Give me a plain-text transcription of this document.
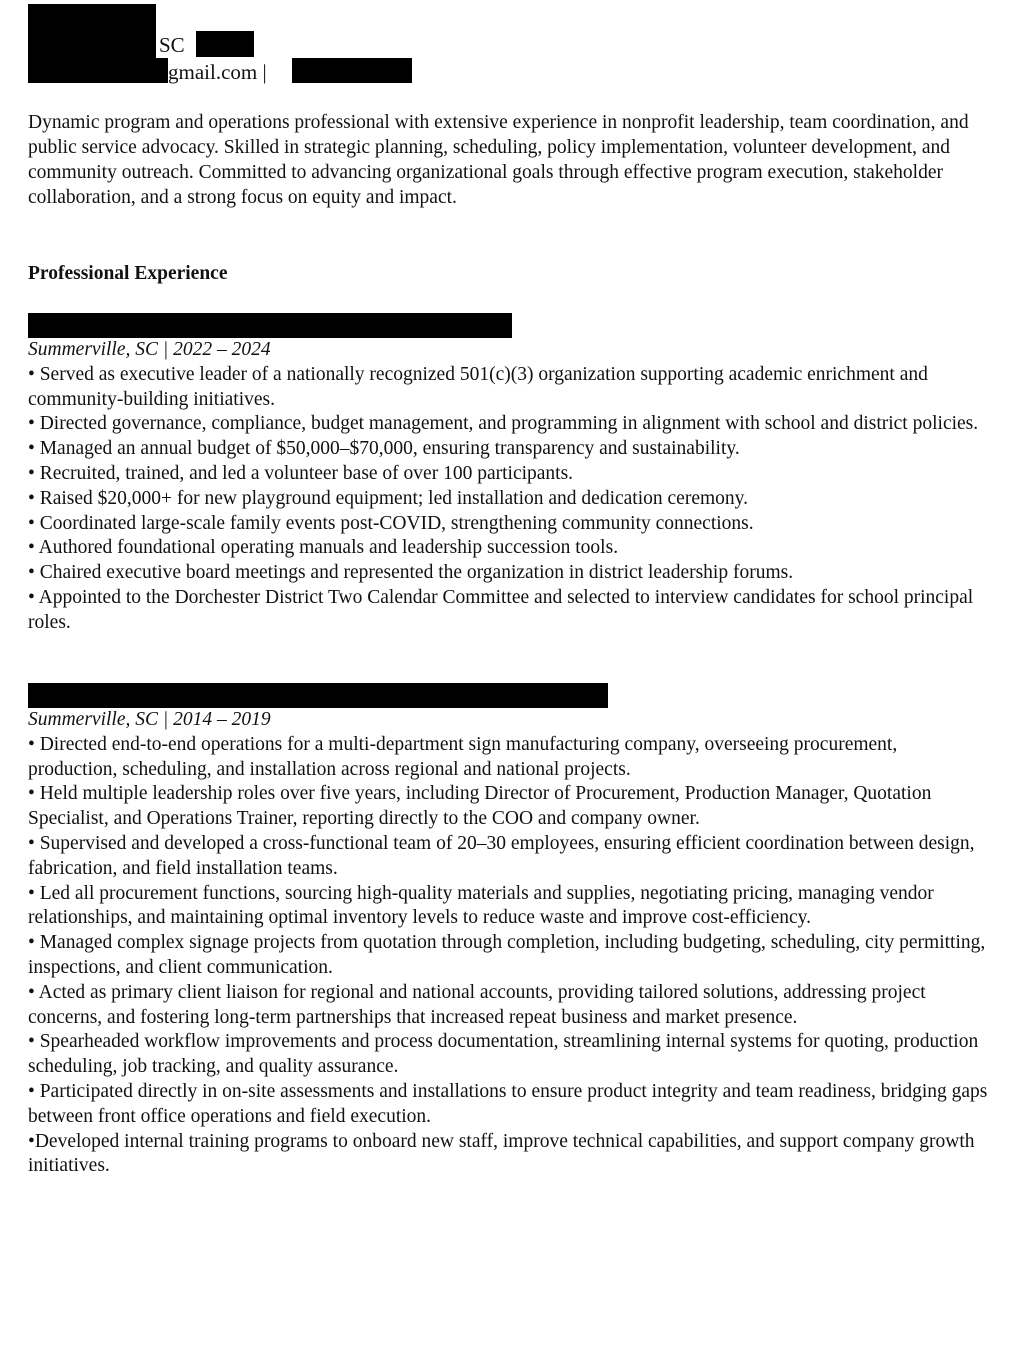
SC
gmail.com |

Dynamic program and operations professional with extensive experience in nonprofit leadership, team coordination, and public service advocacy. Skilled in strategic planning, scheduling, policy implementation, volunteer development, and community outreach. Committed to advancing organizational goals through effective program execution, stakeholder collaboration, and a strong focus on equity and impact.

Professional Experience

Summerville, SC | 2022 – 2024

• Served as executive leader of a nationally recognized 501(c)(3) organization supporting academic enrichment and community-building initiatives.
• Directed governance, compliance, budget management, and programming in alignment with school and district policies.
• Managed an annual budget of $50,000–$70,000, ensuring transparency and sustainability.
• Recruited, trained, and led a volunteer base of over 100 participants.
• Raised $20,000+ for new playground equipment; led installation and dedication ceremony.
• Coordinated large-scale family events post-COVID, strengthening community connections.
• Authored foundational operating manuals and leadership succession tools.
• Chaired executive board meetings and represented the organization in district leadership forums.
• Appointed to the Dorchester District Two Calendar Committee and selected to interview candidates for school principal roles.

Summerville, SC | 2014 – 2019

• Directed end-to-end operations for a multi-department sign manufacturing company, overseeing procurement, production, scheduling, and installation across regional and national projects.
• Held multiple leadership roles over five years, including Director of Procurement, Production Manager, Quotation Specialist, and Operations Trainer, reporting directly to the COO and company owner.
• Supervised and developed a cross-functional team of 20–30 employees, ensuring efficient coordination between design, fabrication, and field installation teams.
• Led all procurement functions, sourcing high-quality materials and supplies, negotiating pricing, managing vendor relationships, and maintaining optimal inventory levels to reduce waste and improve cost-efficiency.
• Managed complex signage projects from quotation through completion, including budgeting, scheduling, city permitting, inspections, and client communication.
• Acted as primary client liaison for regional and national accounts, providing tailored solutions, addressing project concerns, and fostering long-term partnerships that increased repeat business and market presence.
• Spearheaded workflow improvements and process documentation, streamlining internal systems for quoting, production scheduling, job tracking, and quality assurance.
• Participated directly in on-site assessments and installations to ensure product integrity and team readiness, bridging gaps between front office operations and field execution.
•Developed internal training programs to onboard new staff, improve technical capabilities, and support company growth initiatives.
